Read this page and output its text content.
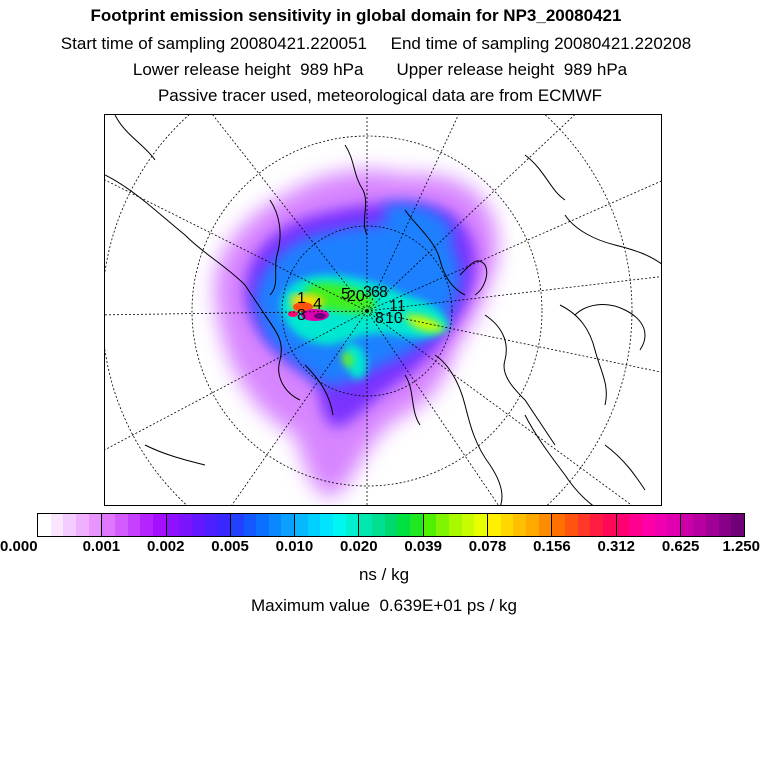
Footprint emission sensitivity in global domain for NP3_20080421
Start time of sampling 20080421.220051     End time of sampling 20080421.220208
Lower release height  989 hPa       Upper release height  989 hPa
Passive tracer used, meteorological data are from ECMWF
1 4
5
8
20
3 6 8
8 10
11
0.000	0.001 0.002 0.005 0.010 0.020 0.039 0.078 0.156 0.312 0.625 1.250
ns / kg
Maximum value  0.639E+01 ps / kg
